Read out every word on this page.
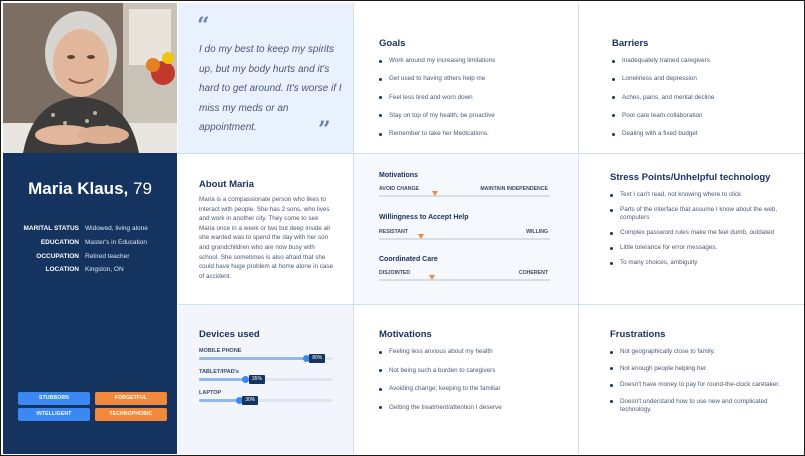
Maria Klaus, 79
MARITAL STATUS Widowed, living alone
EDUCATION Master's in Education
OCCUPATION Retired teacher
LOCATION Kingston, ON
STUBBORN	FORGETFUL
INTELLIGENT	TECHNOPHOBIC
“
I do my best to keep my spirits up, but my body hurts and it's hard to get around. It's worse if I miss my meds or an appointment.	”
Goals
Work around my increasing limitations
Get used to having others help me
Feel less tired and worn down
Stay on top of my health; be proactive
Remember to take her Medications.
Barriers
Inadequately trained caregivers
Loneliness and depression
Aches, pains, and mental decline
Poor care team collaboration
Dealing with a fixed budget
About Maria
Maria is a compassionate person who likes to interact with people. She has 2 sons, who lives and work in another city. They come to see Maria once in a week or two but deep inside all she wanted was to spend the day with her son and grandchildren who are now busy with school. She sometimes is also afraid that she could have huge problem at home alone in case of accident.
Motivations
AVOID CHANGE	MAINTAIN INDEPENDENCE
Willingness to Accept Help
RESISTANT	WILLING
Coordinated Care
DISJOINTED	COHERENT
Stress Points/Unhelpful technology
Text I can't read, not knowing where to click
Parts of the interface that assume I know about the web, computers
Complex password rules make me feel dumb, outdated
Little tolerance for error messages.
To many choices, ambiguity
Devices used
MOBILE PHONE
80%
TABLET/IPAD's
35%
LAPTOP
30%
Motivations
Feeling less anxious about my health
Not being such a burden to caregivers
Avoiding change; keeping to the familiar
Getting the treatment/attention I deserve
Frustrations
Not geographically close to family.
Not enough people helping her.
Doesn't have money to pay for round-the-clock caretaker.
Doesn't understand how to use new and complicated technology.
